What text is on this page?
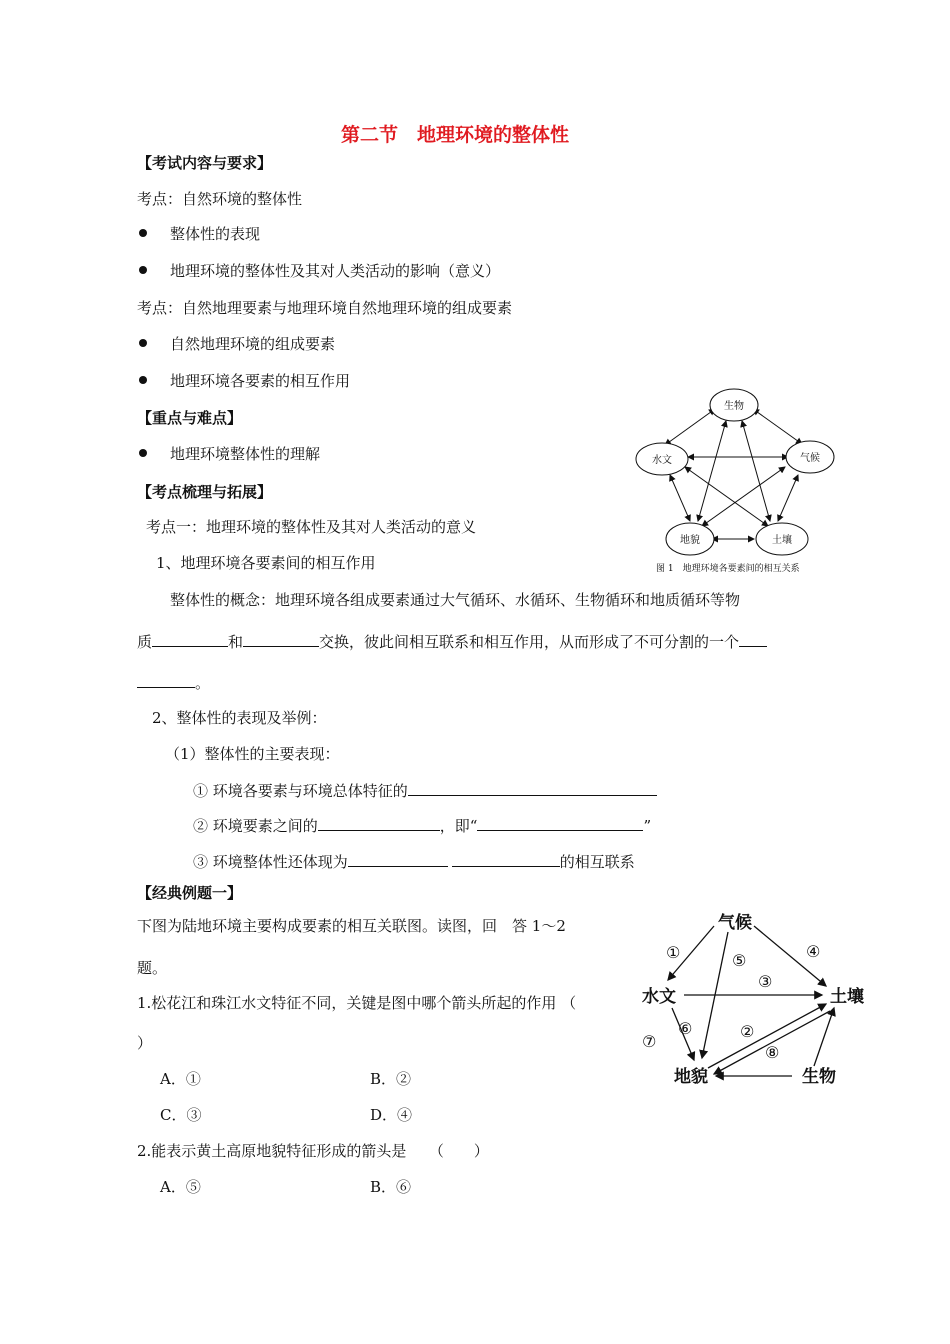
第二节　地理环境的整体性
【考试内容与要求】
考点：自然环境的整体性
整体性的表现
地理环境的整体性及其对人类活动的影响（意义）
考点：自然地理要素与地理环境自然地理环境的组成要素
自然地理环境的组成要素
地理环境各要素的相互作用
【重点与难点】
地理环境整体性的理解
【考点梳理与拓展】
考点一：地理环境的整体性及其对人类活动的意义
1、地理环境各要素间的相互作用
整体性的概念：地理环境各组成要素通过大气循环、水循环、生物循环和地质循环等物
质	和	交换，彼此间相互联系和相互作用，从而形成了不可分割的一个
。
2、整体性的表现及举例：
（1）整体性的主要表现：
① 环境各要素与环境总体特征的
② 环境要素之间的	，即“	”
③ 环境整体性还体现为	的相互联系
【经典例题一】
下图为陆地环境主要构成要素的相互关联图。读图，回　答 1～2
题。
1.松花江和珠江水文特征不同，关键是图中哪个箭头所起的作用 （
）
A．①	B．②
C．③	D．④
2.能表示黄土高原地貌特征形成的箭头是　　（　　）
A．⑤	B．⑥
生物
水文	气候
地貌	土壤
图 1　地理环境各要素间的相互关系
气候
水文	土壤
地貌	生物
①
②
③
④
⑤
⑥
⑦
⑧
